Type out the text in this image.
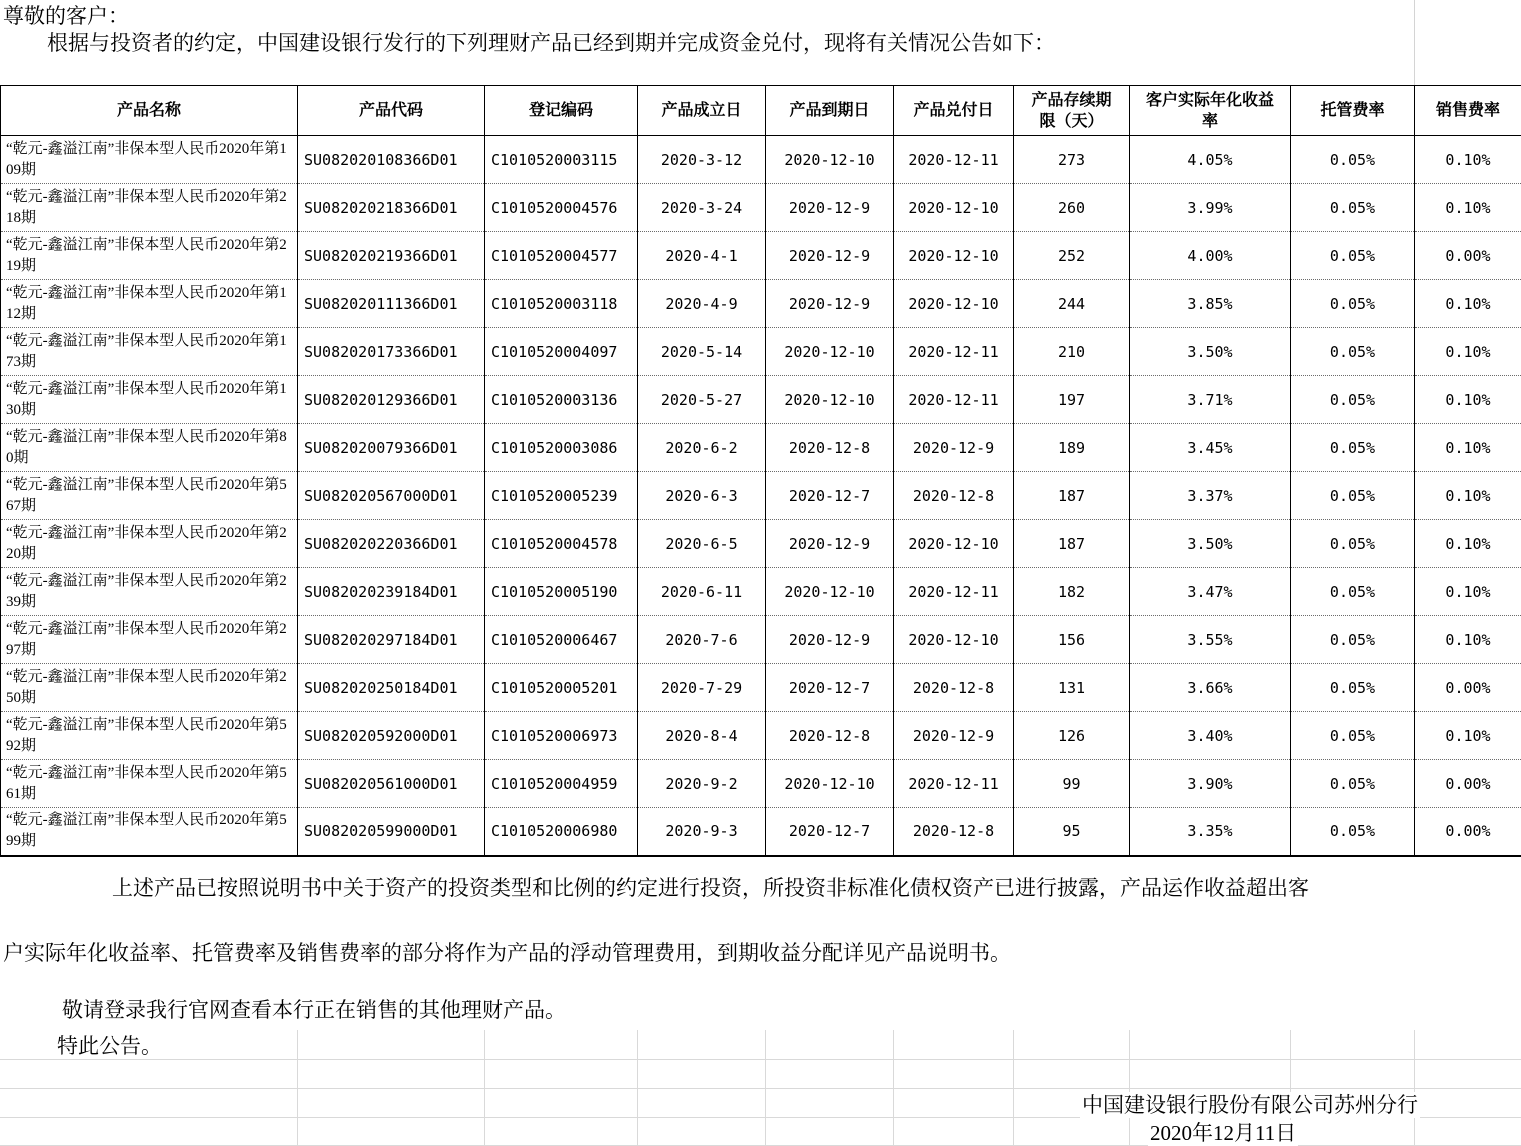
尊敬的客户：
根据与投资者的约定，中国建设银行发行的下列理财产品已经到期并完成资金兑付，现将有关情况公告如下：
产品名称	产品代码	登记编码	产品成立日	产品到期日	产品兑付日	产品存续期限（天）	客户实际年化收益率	托管费率	销售费率
“乾元-鑫溢江南”非保本型人民币2020年第109期	SU082020108366D01	C1010520003115	2020-3-12	2020-12-10	2020-12-11	273	4.05%	0.05%	0.10%
“乾元-鑫溢江南”非保本型人民币2020年第218期	SU082020218366D01	C1010520004576	2020-3-24	2020-12-9	2020-12-10	260	3.99%	0.05%	0.10%
“乾元-鑫溢江南”非保本型人民币2020年第219期	SU082020219366D01	C1010520004577	2020-4-1	2020-12-9	2020-12-10	252	4.00%	0.05%	0.00%
“乾元-鑫溢江南”非保本型人民币2020年第112期	SU082020111366D01	C1010520003118	2020-4-9	2020-12-9	2020-12-10	244	3.85%	0.05%	0.10%
“乾元-鑫溢江南”非保本型人民币2020年第173期	SU082020173366D01	C1010520004097	2020-5-14	2020-12-10	2020-12-11	210	3.50%	0.05%	0.10%
“乾元-鑫溢江南”非保本型人民币2020年第130期	SU082020129366D01	C1010520003136	2020-5-27	2020-12-10	2020-12-11	197	3.71%	0.05%	0.10%
“乾元-鑫溢江南”非保本型人民币2020年第80期	SU082020079366D01	C1010520003086	2020-6-2	2020-12-8	2020-12-9	189	3.45%	0.05%	0.10%
“乾元-鑫溢江南”非保本型人民币2020年第567期	SU082020567000D01	C1010520005239	2020-6-3	2020-12-7	2020-12-8	187	3.37%	0.05%	0.10%
“乾元-鑫溢江南”非保本型人民币2020年第220期	SU082020220366D01	C1010520004578	2020-6-5	2020-12-9	2020-12-10	187	3.50%	0.05%	0.10%
“乾元-鑫溢江南”非保本型人民币2020年第239期	SU082020239184D01	C1010520005190	2020-6-11	2020-12-10	2020-12-11	182	3.47%	0.05%	0.10%
“乾元-鑫溢江南”非保本型人民币2020年第297期	SU082020297184D01	C1010520006467	2020-7-6	2020-12-9	2020-12-10	156	3.55%	0.05%	0.10%
“乾元-鑫溢江南”非保本型人民币2020年第250期	SU082020250184D01	C1010520005201	2020-7-29	2020-12-7	2020-12-8	131	3.66%	0.05%	0.00%
“乾元-鑫溢江南”非保本型人民币2020年第592期	SU082020592000D01	C1010520006973	2020-8-4	2020-12-8	2020-12-9	126	3.40%	0.05%	0.10%
“乾元-鑫溢江南”非保本型人民币2020年第561期	SU082020561000D01	C1010520004959	2020-9-2	2020-12-10	2020-12-11	99	3.90%	0.05%	0.00%
“乾元-鑫溢江南”非保本型人民币2020年第599期	SU082020599000D01	C1010520006980	2020-9-3	2020-12-7	2020-12-8	95	3.35%	0.05%	0.00%
上述产品已按照说明书中关于资产的投资类型和比例的约定进行投资，所投资非标准化债权资产已进行披露，产品运作收益超出客
户实际年化收益率、托管费率及销售费率的部分将作为产品的浮动管理费用，到期收益分配详见产品说明书。
敬请登录我行官网查看本行正在销售的其他理财产品。
特此公告。
中国建设银行股份有限公司苏州分行
2020年12月11日
